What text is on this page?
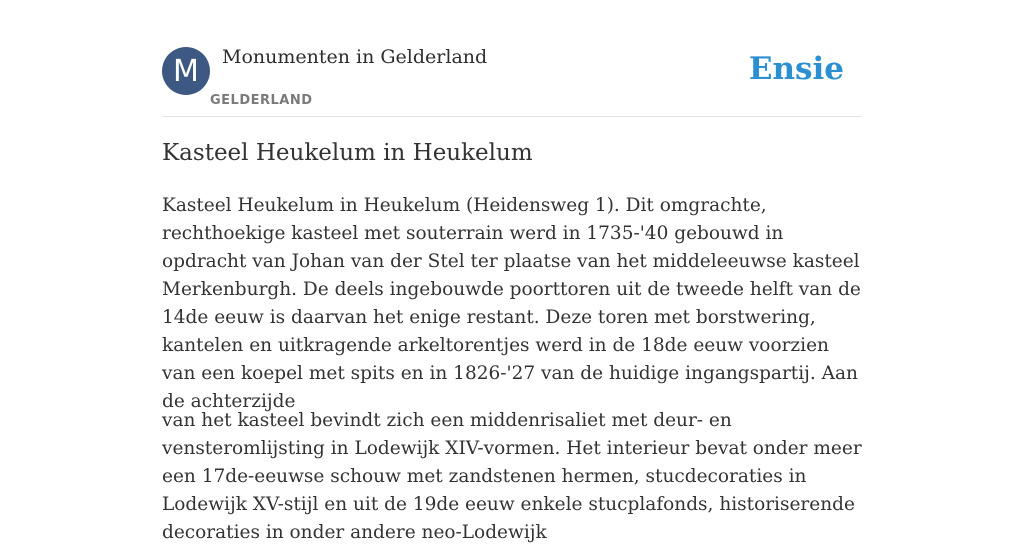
M Monumenten in Gelderland
GELDERLAND
Ensie
Kasteel Heukelum in Heukelum

Kasteel Heukelum in Heukelum (Heidensweg 1). Dit omgrachte, rechthoekige kasteel met souterrain werd in 1735-'40 gebouwd in opdracht van Johan van der Stel ter plaatse van het middeleeuwse kasteel Merkenburgh. De deels ingebouwde poorttoren uit de tweede helft van de 14de eeuw is daarvan het enige restant. Deze toren met borstwering, kantelen en uitkragende arkeltorentjes werd in de 18de eeuw voorzien van een koepel met spits en in 1826-'27 van de huidige ingangspartij. Aan de achterzijde

van het kasteel bevindt zich een middenrisaliet met deur- en vensteromlijsting in Lodewijk XIV-vormen. Het interieur bevat onder meer een 17de-eeuwse schouw met zandstenen hermen, stucdecoraties in Lodewijk XV-stijl en uit de 19de eeuw enkele stucplafonds, historiserende decoraties in onder andere neo-Lodewijk
